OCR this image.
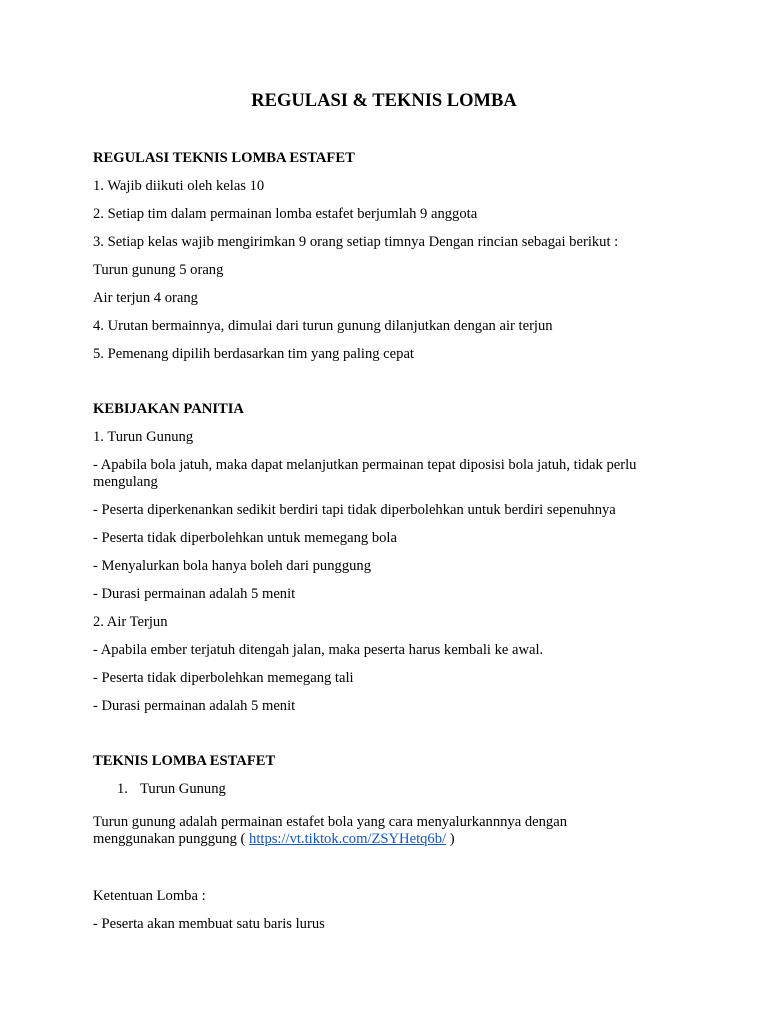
REGULASI & TEKNIS LOMBA
REGULASI TEKNIS LOMBA ESTAFET
1. Wajib diikuti oleh kelas 10
2. Setiap tim dalam permainan lomba estafet berjumlah 9 anggota
3. Setiap kelas wajib mengirimkan 9 orang setiap timnya Dengan rincian sebagai berikut :
Turun gunung 5 orang
Air terjun 4 orang
4. Urutan bermainnya, dimulai dari turun gunung dilanjutkan dengan air terjun
5. Pemenang dipilih berdasarkan tim yang paling cepat
KEBIJAKAN PANITIA
1. Turun Gunung
- Apabila bola jatuh, maka dapat melanjutkan permainan tepat diposisi bola jatuh, tidak perlu mengulang
- Peserta diperkenankan sedikit berdiri tapi tidak diperbolehkan untuk berdiri sepenuhnya
- Peserta tidak diperbolehkan untuk memegang bola
- Menyalurkan bola hanya boleh dari punggung
- Durasi permainan adalah 5 menit
2. Air Terjun
- Apabila ember terjatuh ditengah jalan, maka peserta harus kembali ke awal.
- Peserta tidak diperbolehkan memegang tali
- Durasi permainan adalah 5 menit
TEKNIS LOMBA ESTAFET
1. Turun Gunung
Turun gunung adalah permainan estafet bola yang cara menyalurkannnya dengan menggunakan punggung ( https://vt.tiktok.com/ZSYHetq6b/ )
Ketentuan Lomba :
- Peserta akan membuat satu baris lurus
